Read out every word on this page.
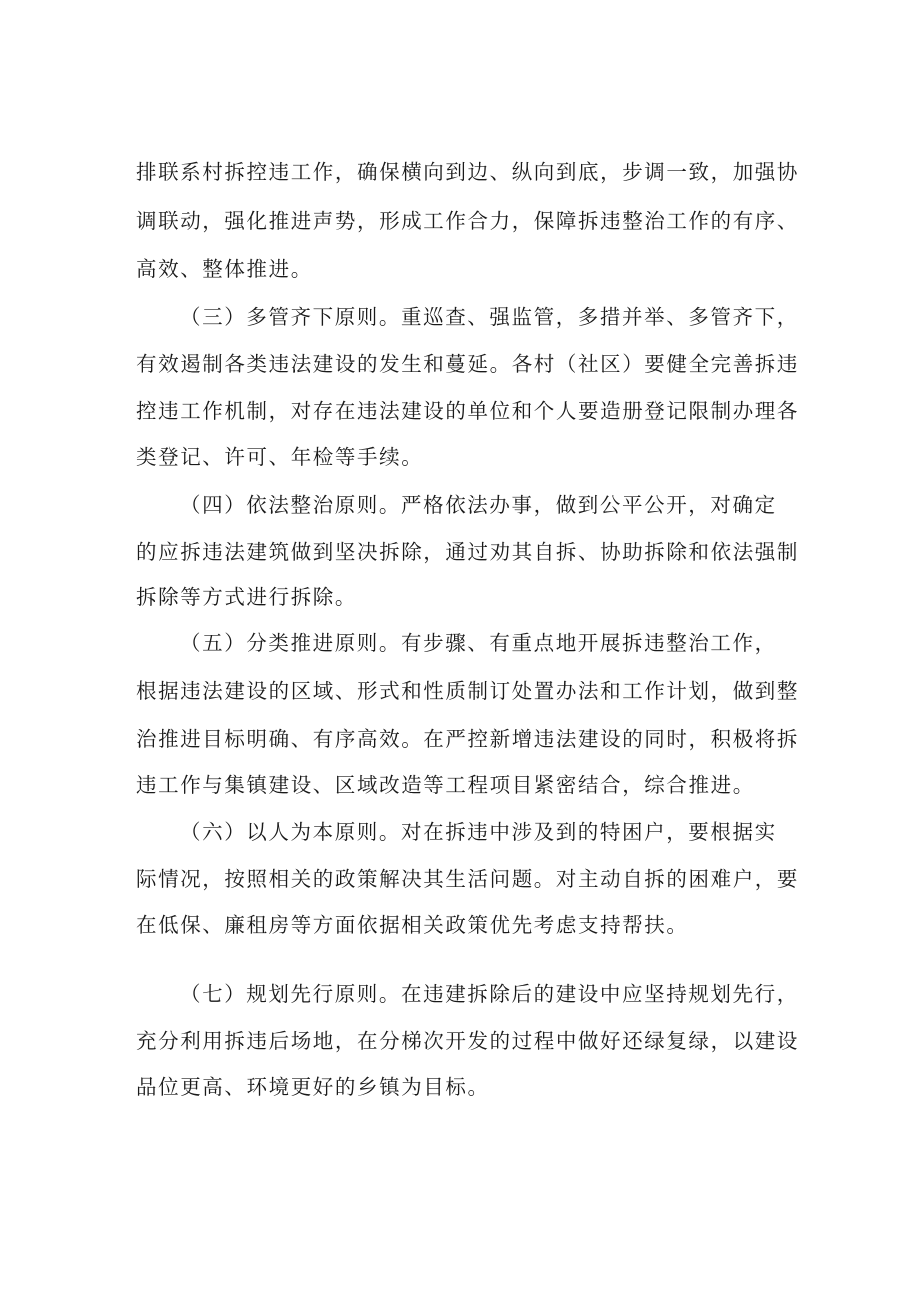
排联系村拆控违工作，确保横向到边、纵向到底，步调一致，加强协
调联动，强化推进声势，形成工作合力，保障拆违整治工作的有序、
高效、整体推进。
（三）多管齐下原则。重巡查、强监管，多措并举、多管齐下，
有效遏制各类违法建设的发生和蔓延。各村（社区）要健全完善拆违
控违工作机制，对存在违法建设的单位和个人要造册登记限制办理各
类登记、许可、年检等手续。
（四）依法整治原则。严格依法办事，做到公平公开，对确定
的应拆违法建筑做到坚决拆除，通过劝其自拆、协助拆除和依法强制
拆除等方式进行拆除。
（五）分类推进原则。有步骤、有重点地开展拆违整治工作，
根据违法建设的区域、形式和性质制订处置办法和工作计划，做到整
治推进目标明确、有序高效。在严控新增违法建设的同时，积极将拆
违工作与集镇建设、区域改造等工程项目紧密结合，综合推进。
（六）以人为本原则。对在拆违中涉及到的特困户，要根据实
际情况，按照相关的政策解决其生活问题。对主动自拆的困难户，要
在低保、廉租房等方面依据相关政策优先考虑支持帮扶。
（七）规划先行原则。在违建拆除后的建设中应坚持规划先行，
充分利用拆违后场地，在分梯次开发的过程中做好还绿复绿，以建设
品位更高、环境更好的乡镇为目标。
